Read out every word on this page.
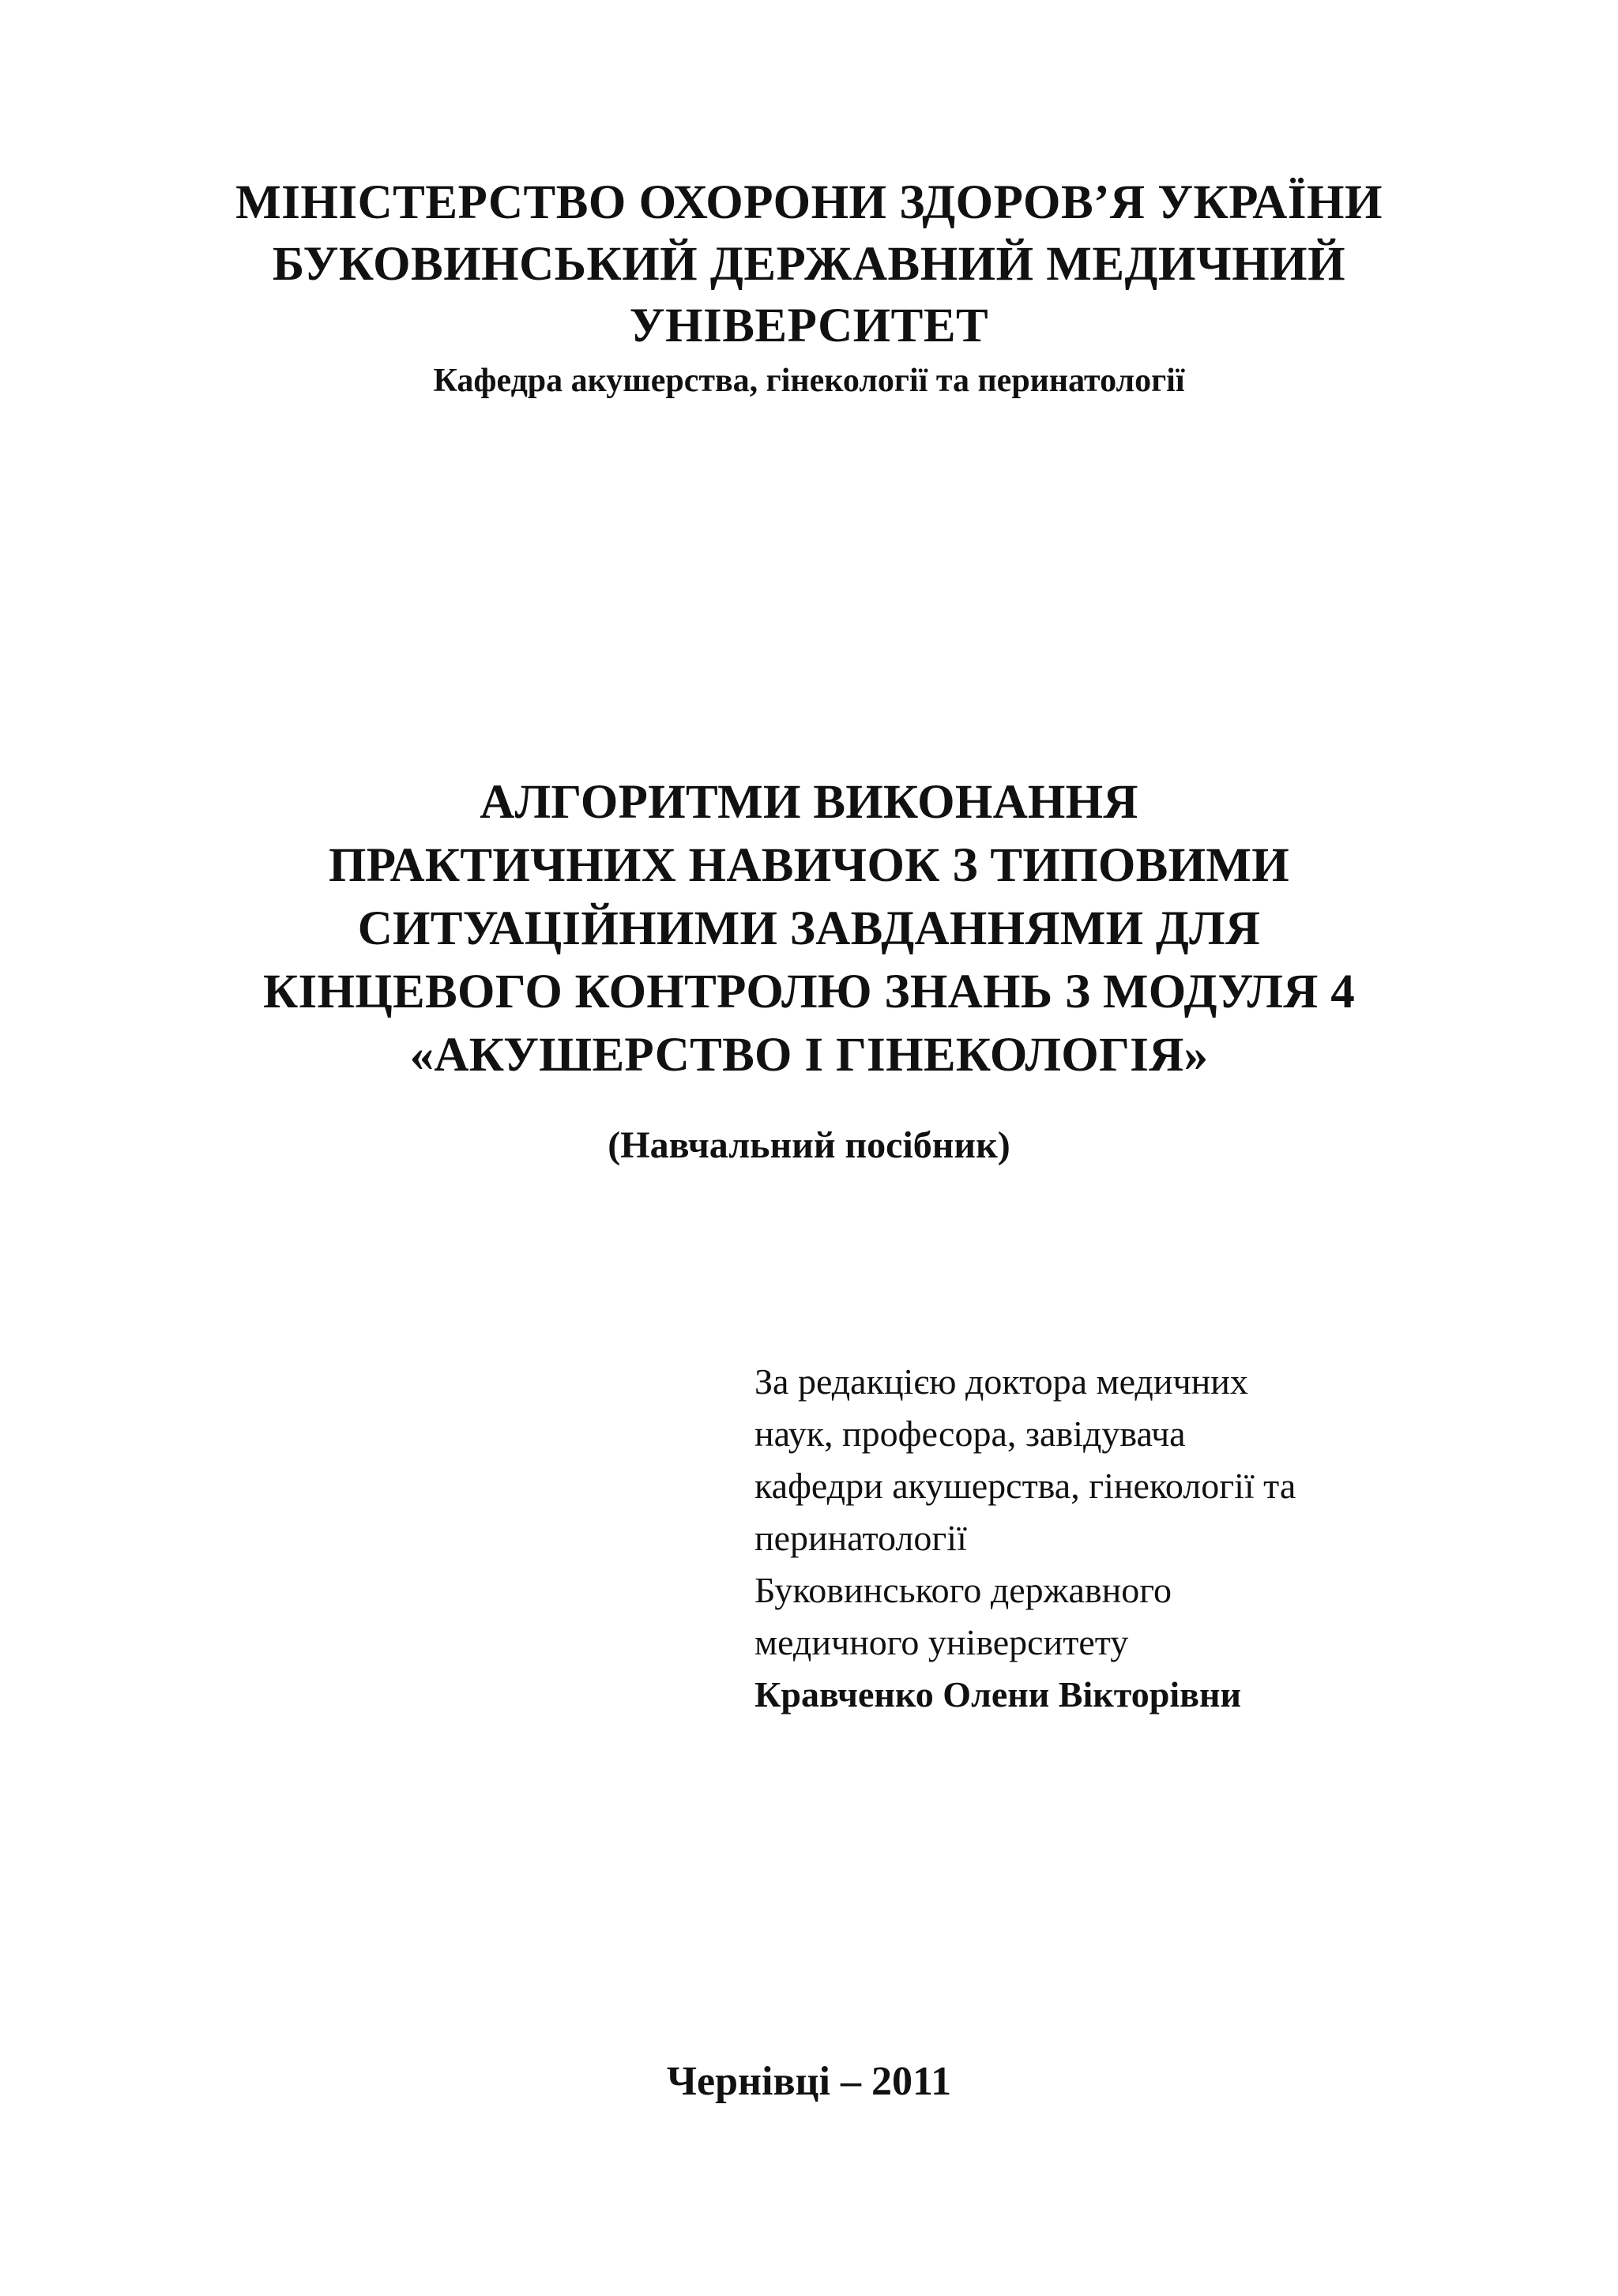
МІНІСТЕРСТВО ОХОРОНИ ЗДОРОВ’Я УКРАЇНИ
БУКОВИНСЬКИЙ ДЕРЖАВНИЙ МЕДИЧНИЙ
УНІВЕРСИТЕТ
Кафедра акушерства, гінекології та перинатології
АЛГОРИТМИ ВИКОНАННЯ
ПРАКТИЧНИХ НАВИЧОК З ТИПОВИМИ
СИТУАЦІЙНИМИ ЗАВДАННЯМИ ДЛЯ
КІНЦЕВОГО КОНТРОЛЮ ЗНАНЬ З МОДУЛЯ 4
«АКУШЕРСТВО І ГІНЕКОЛОГІЯ»
(Навчальний посібник)
За редакцією доктора медичних
наук, професора, завідувача
кафедри акушерства, гінекології та
перинатології
Буковинського державного
медичного університету
Кравченко Олени Вікторівни
Чернівці – 2011
